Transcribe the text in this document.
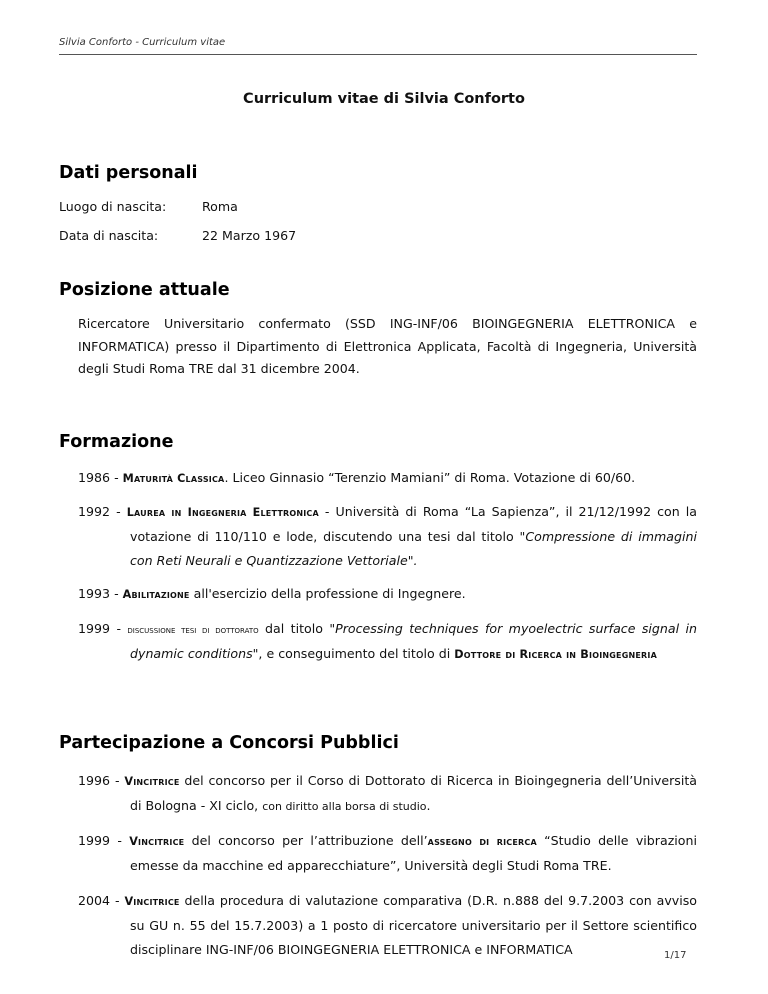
Silvia Conforto - Curriculum vitae
Curriculum vitae di Silvia Conforto
Dati personali
Luogo di nascita:	Roma
Data di nascita:	22 Marzo 1967
Posizione attuale
Ricercatore Universitario confermato (SSD ING-INF/06 BIOINGEGNERIA ELETTRONICA e INFORMATICA) presso il Dipartimento di Elettronica Applicata, Facoltà di Ingegneria, Università degli Studi Roma TRE dal 31 dicembre 2004.
Formazione
1986 - Maturità Classica. Liceo Ginnasio “Terenzio Mamiani” di Roma. Votazione di 60/60.
1992 - Laurea in Ingegneria Elettronica - Università di Roma “La Sapienza”, il 21/12/1992 con la votazione di 110/110 e lode, discutendo una tesi dal titolo "Compressione di immagini con Reti Neurali e Quantizzazione Vettoriale".
1993 - Abilitazione all'esercizio della professione di Ingegnere.
1999 - discussione tesi di dottorato dal titolo "Processing techniques for myoelectric surface signal in dynamic conditions", e conseguimento del titolo di Dottore di Ricerca in Bioingegneria
Partecipazione a Concorsi Pubblici
1996 - Vincitrice del concorso per il Corso di Dottorato di Ricerca in Bioingegneria dell’Università di Bologna - XI ciclo, con diritto alla borsa di studio.
1999 - Vincitrice del concorso per l’attribuzione dell’assegno di ricerca “Studio delle vibrazioni emesse da macchine ed apparecchiature”, Università degli Studi Roma TRE.
2004 - Vincitrice della procedura di valutazione comparativa (D.R. n.888 del 9.7.2003 con avviso su GU n. 55 del 15.7.2003) a 1 posto di ricercatore universitario per il Settore scientifico disciplinare ING-INF/06 BIOINGEGNERIA ELETTRONICA e INFORMATICA	1/17
